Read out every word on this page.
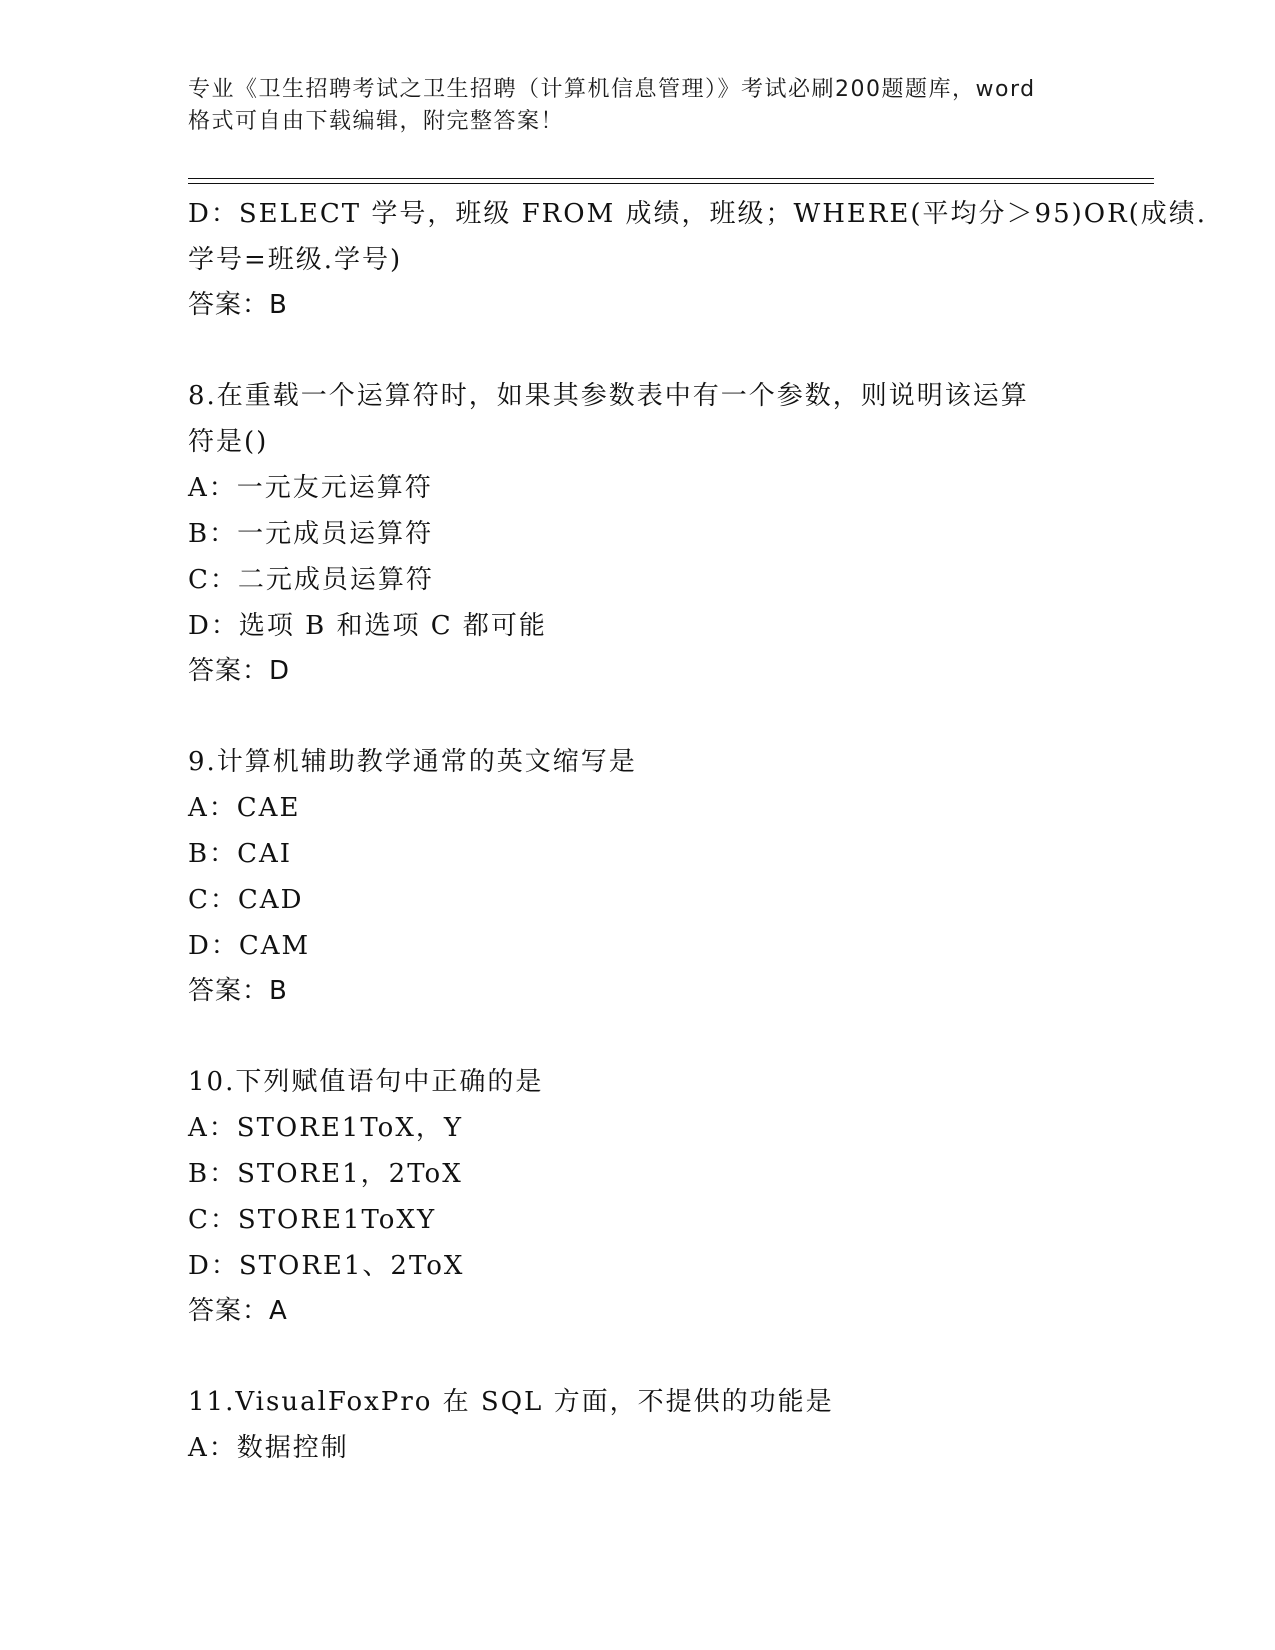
专业《卫生招聘考试之卫生招聘（计算机信息管理）》考试必刷200题题库，word
格式可自由下载编辑，附完整答案！
D：SELECT 学号，班级 FROM 成绩，班级；WHERE(平均分＞95)OR(成绩.
学号=班级.学号)
答案：B
8.在重载一个运算符时，如果其参数表中有一个参数，则说明该运算
符是()
A：一元友元运算符
B：一元成员运算符
C：二元成员运算符
D：选项 B 和选项 C 都可能
答案：D
9.计算机辅助教学通常的英文缩写是
A：CAE
B：CAI
C：CAD
D：CAM
答案：B
10.下列赋值语句中正确的是
A：STORE1ToX，Y
B：STORE1，2ToX
C：STORE1ToXY
D：STORE1、2ToX
答案：A
11.VisualFoxPro 在 SQL 方面，不提供的功能是
A：数据控制
